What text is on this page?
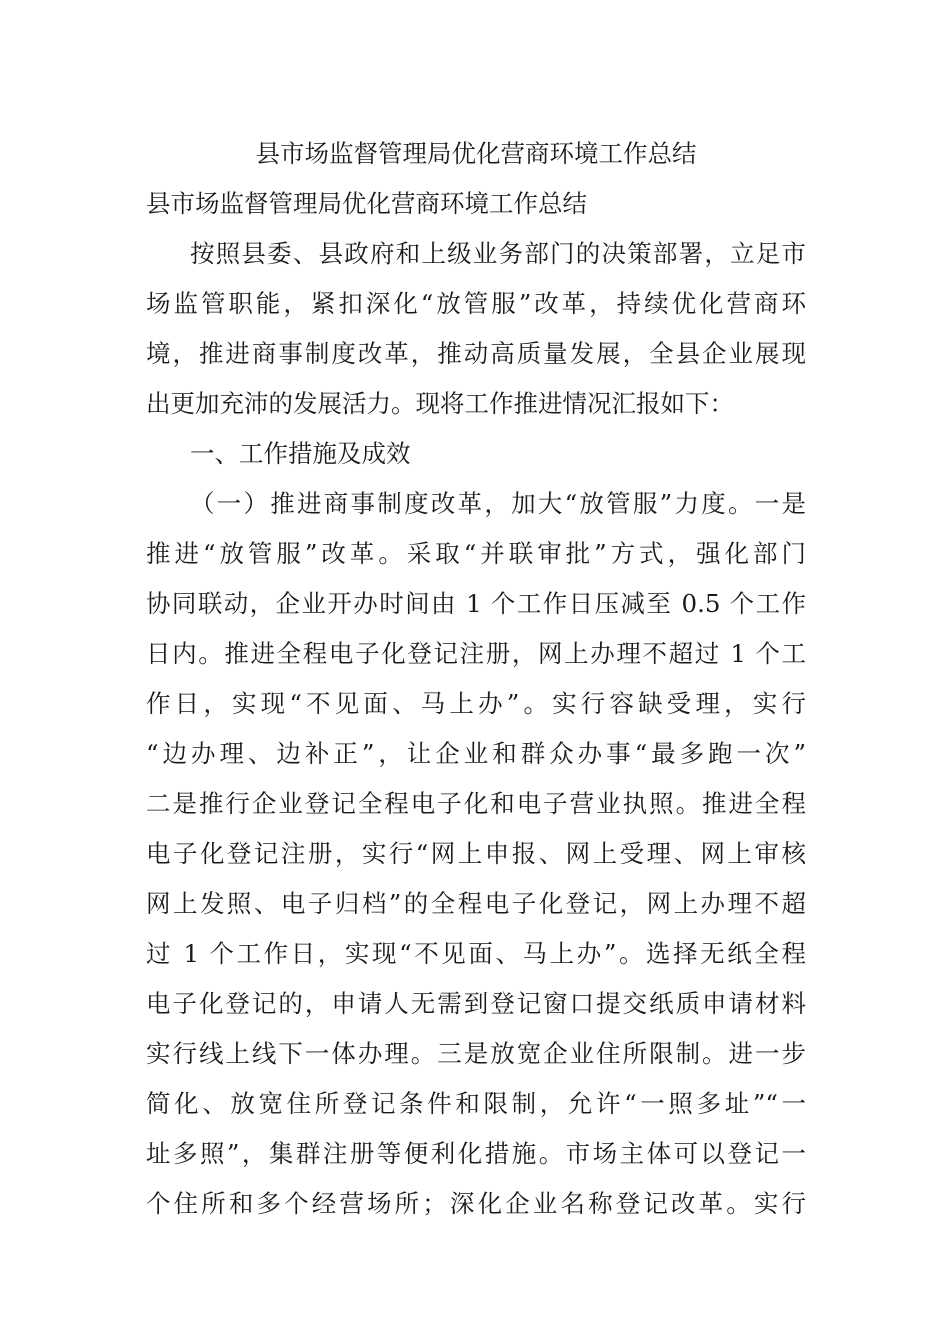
县市场监督管理局优化营商环境工作总结

县市场监督管理局优化营商环境工作总结

按照县委、县政府和上级业务部门的决策部署，立足市

场监管职能，紧扣深化“放管服”改革，持续优化营商环

境，推进商事制度改革，推动高质量发展，全县企业展现

出更加充沛的发展活力。现将工作推进情况汇报如下：

一、工作措施及成效

（一）推进商事制度改革，加大“放管服”力度。一是

推进“放管服”改革。采取“并联审批”方式，强化部门

协同联动，企业开办时间由 1 个工作日压减至 0.5 个工作

日内。推进全程电子化登记注册，网上办理不超过 1 个工

作日，实现“不见面、马上办”。实行容缺受理，实行

“边办理、边补正”，让企业和群众办事“最多跑一次”

二是推行企业登记全程电子化和电子营业执照。推进全程

电子化登记注册，实行“网上申报、网上受理、网上审核

网上发照、电子归档”的全程电子化登记，网上办理不超

过 1 个工作日，实现“不见面、马上办”。选择无纸全程

电子化登记的，申请人无需到登记窗口提交纸质申请材料

实行线上线下一体办理。三是放宽企业住所限制。进一步

简化、放宽住所登记条件和限制，允许“一照多址”“一

址多照”，集群注册等便利化措施。市场主体可以登记一

个住所和多个经营场所；深化企业名称登记改革。实行
